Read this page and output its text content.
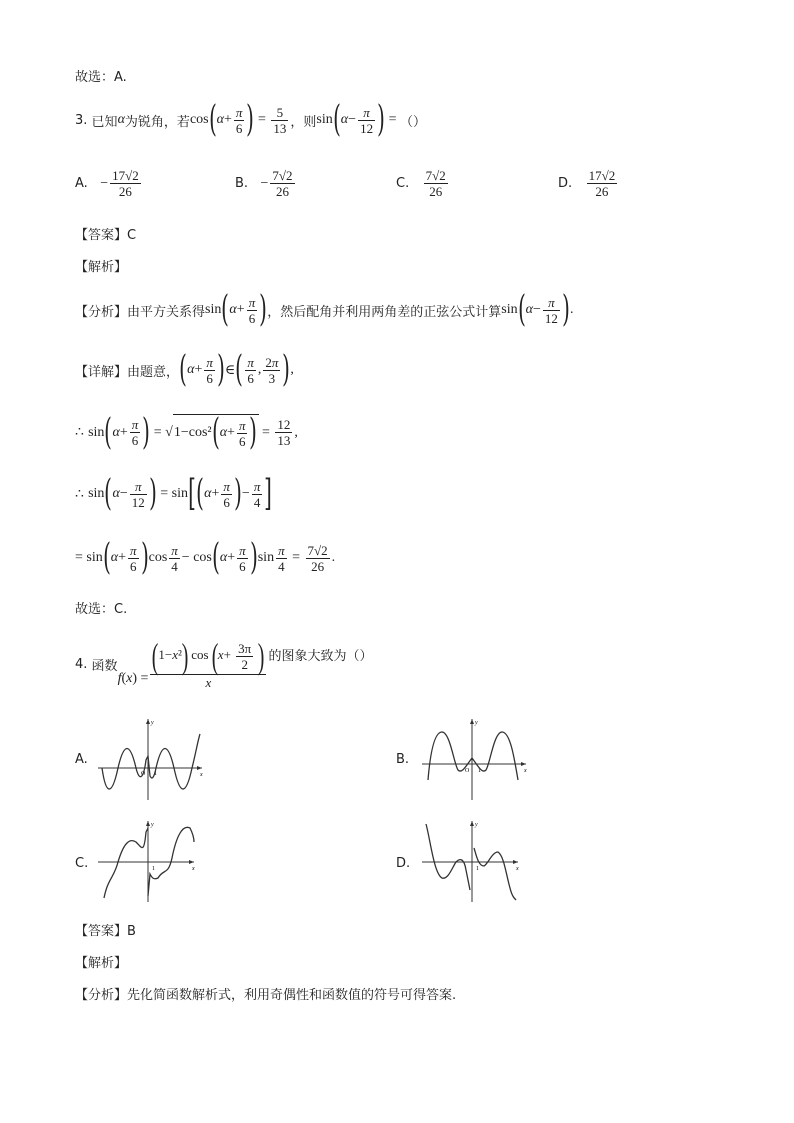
故选：A.
3.
已知 α 为锐角，若 cos ( $\alpha + \frac{\pi}{6}$ ) = $\frac{5}{13}$ ，则 sin ( $\alpha - \frac{\pi}{12}$ ) = （）
A.
− $\frac{17√2}{26}$	B.
− $\frac{7√2}{26}$	C.
$\frac{7√2}{26}$	D.
$\frac{17√2}{26}$
【答案】C
【解析】
【分析】 由平方关系得 sin ( $\alpha + \frac{\pi}{6}$ ) ，然后配角并利用两角差的正弦公式计算 sin ( $\alpha - \frac{\pi}{12}$ ) .
【详解】 由题意， ( $\alpha + \frac{\pi}{6}$ ) ∈ ( $\frac{\pi}{6}$ , $\frac{2\pi}{3}$ ) ,
∴
sin ( $\alpha + \frac{\pi}{6}$ ) = √ 1−cos² ( $\alpha + \frac{\pi}{6}$ ) = $\frac{12}{13}$ ,
∴
sin ( $\alpha - \frac{\pi}{12}$ ) = sin [ ( $\alpha + \frac{\pi}{6}$ ) − $\frac{\pi}{4}$ ]
= sin ( $\alpha + \frac{\pi}{6}$ ) $\cos \frac{\pi}{4} - \cos$ ( $\alpha + \frac{\pi}{6}$ ) $\sin \frac{\pi}{4} = \frac{7√2}{26}$ .
故选：C.
4.
函数
f ( x ) = $\frac{(1-x^2) \cos (x+ \frac{3\pi}{2} )}{x}$ 的图象大致为（）
A.
y
x
O 1
B.
y
x
O 1
C.
y
x
1	D.
y
x
1
【答案】B
【解析】
【分析】先化简函数解析式，利用奇偶性和函数值的符号可得答案.
